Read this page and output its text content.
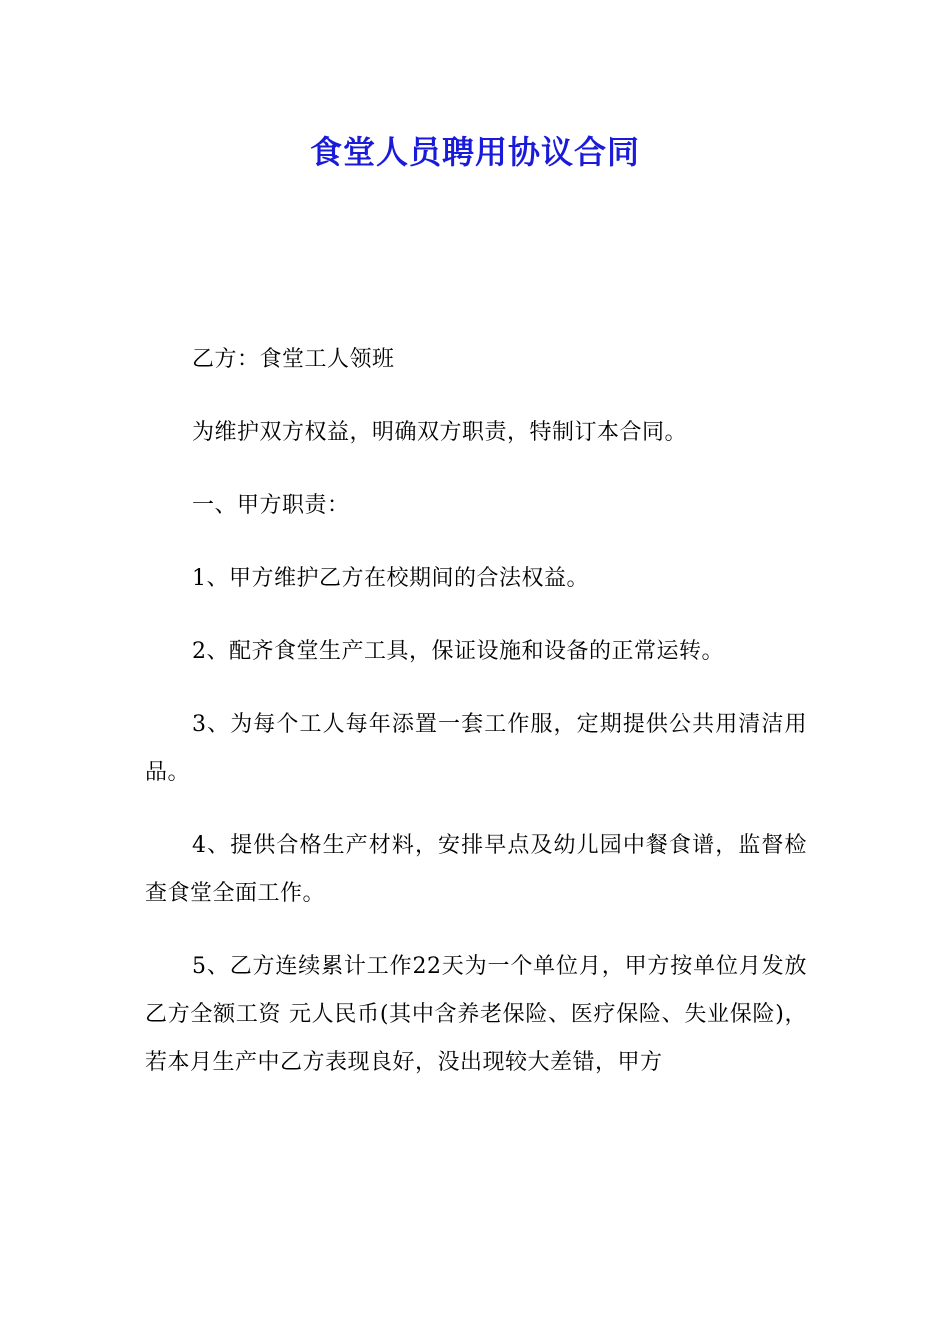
食堂人员聘用协议合同

乙方：食堂工人领班

为维护双方权益，明确双方职责，特制订本合同。

一、甲方职责：

1、甲方维护乙方在校期间的合法权益。

2、配齐食堂生产工具，保证设施和设备的正常运转。

3、为每个工人每年添置一套工作服，定期提供公共用清洁用品。

4、提供合格生产材料，安排早点及幼儿园中餐食谱，监督检查食堂全面工作。

5、乙方连续累计工作22天为一个单位月，甲方按单位月发放乙方全额工资 元人民币(其中含养老保险、医疗保险、失业保险)，若本月生产中乙方表现良好，没出现较大差错，甲方
